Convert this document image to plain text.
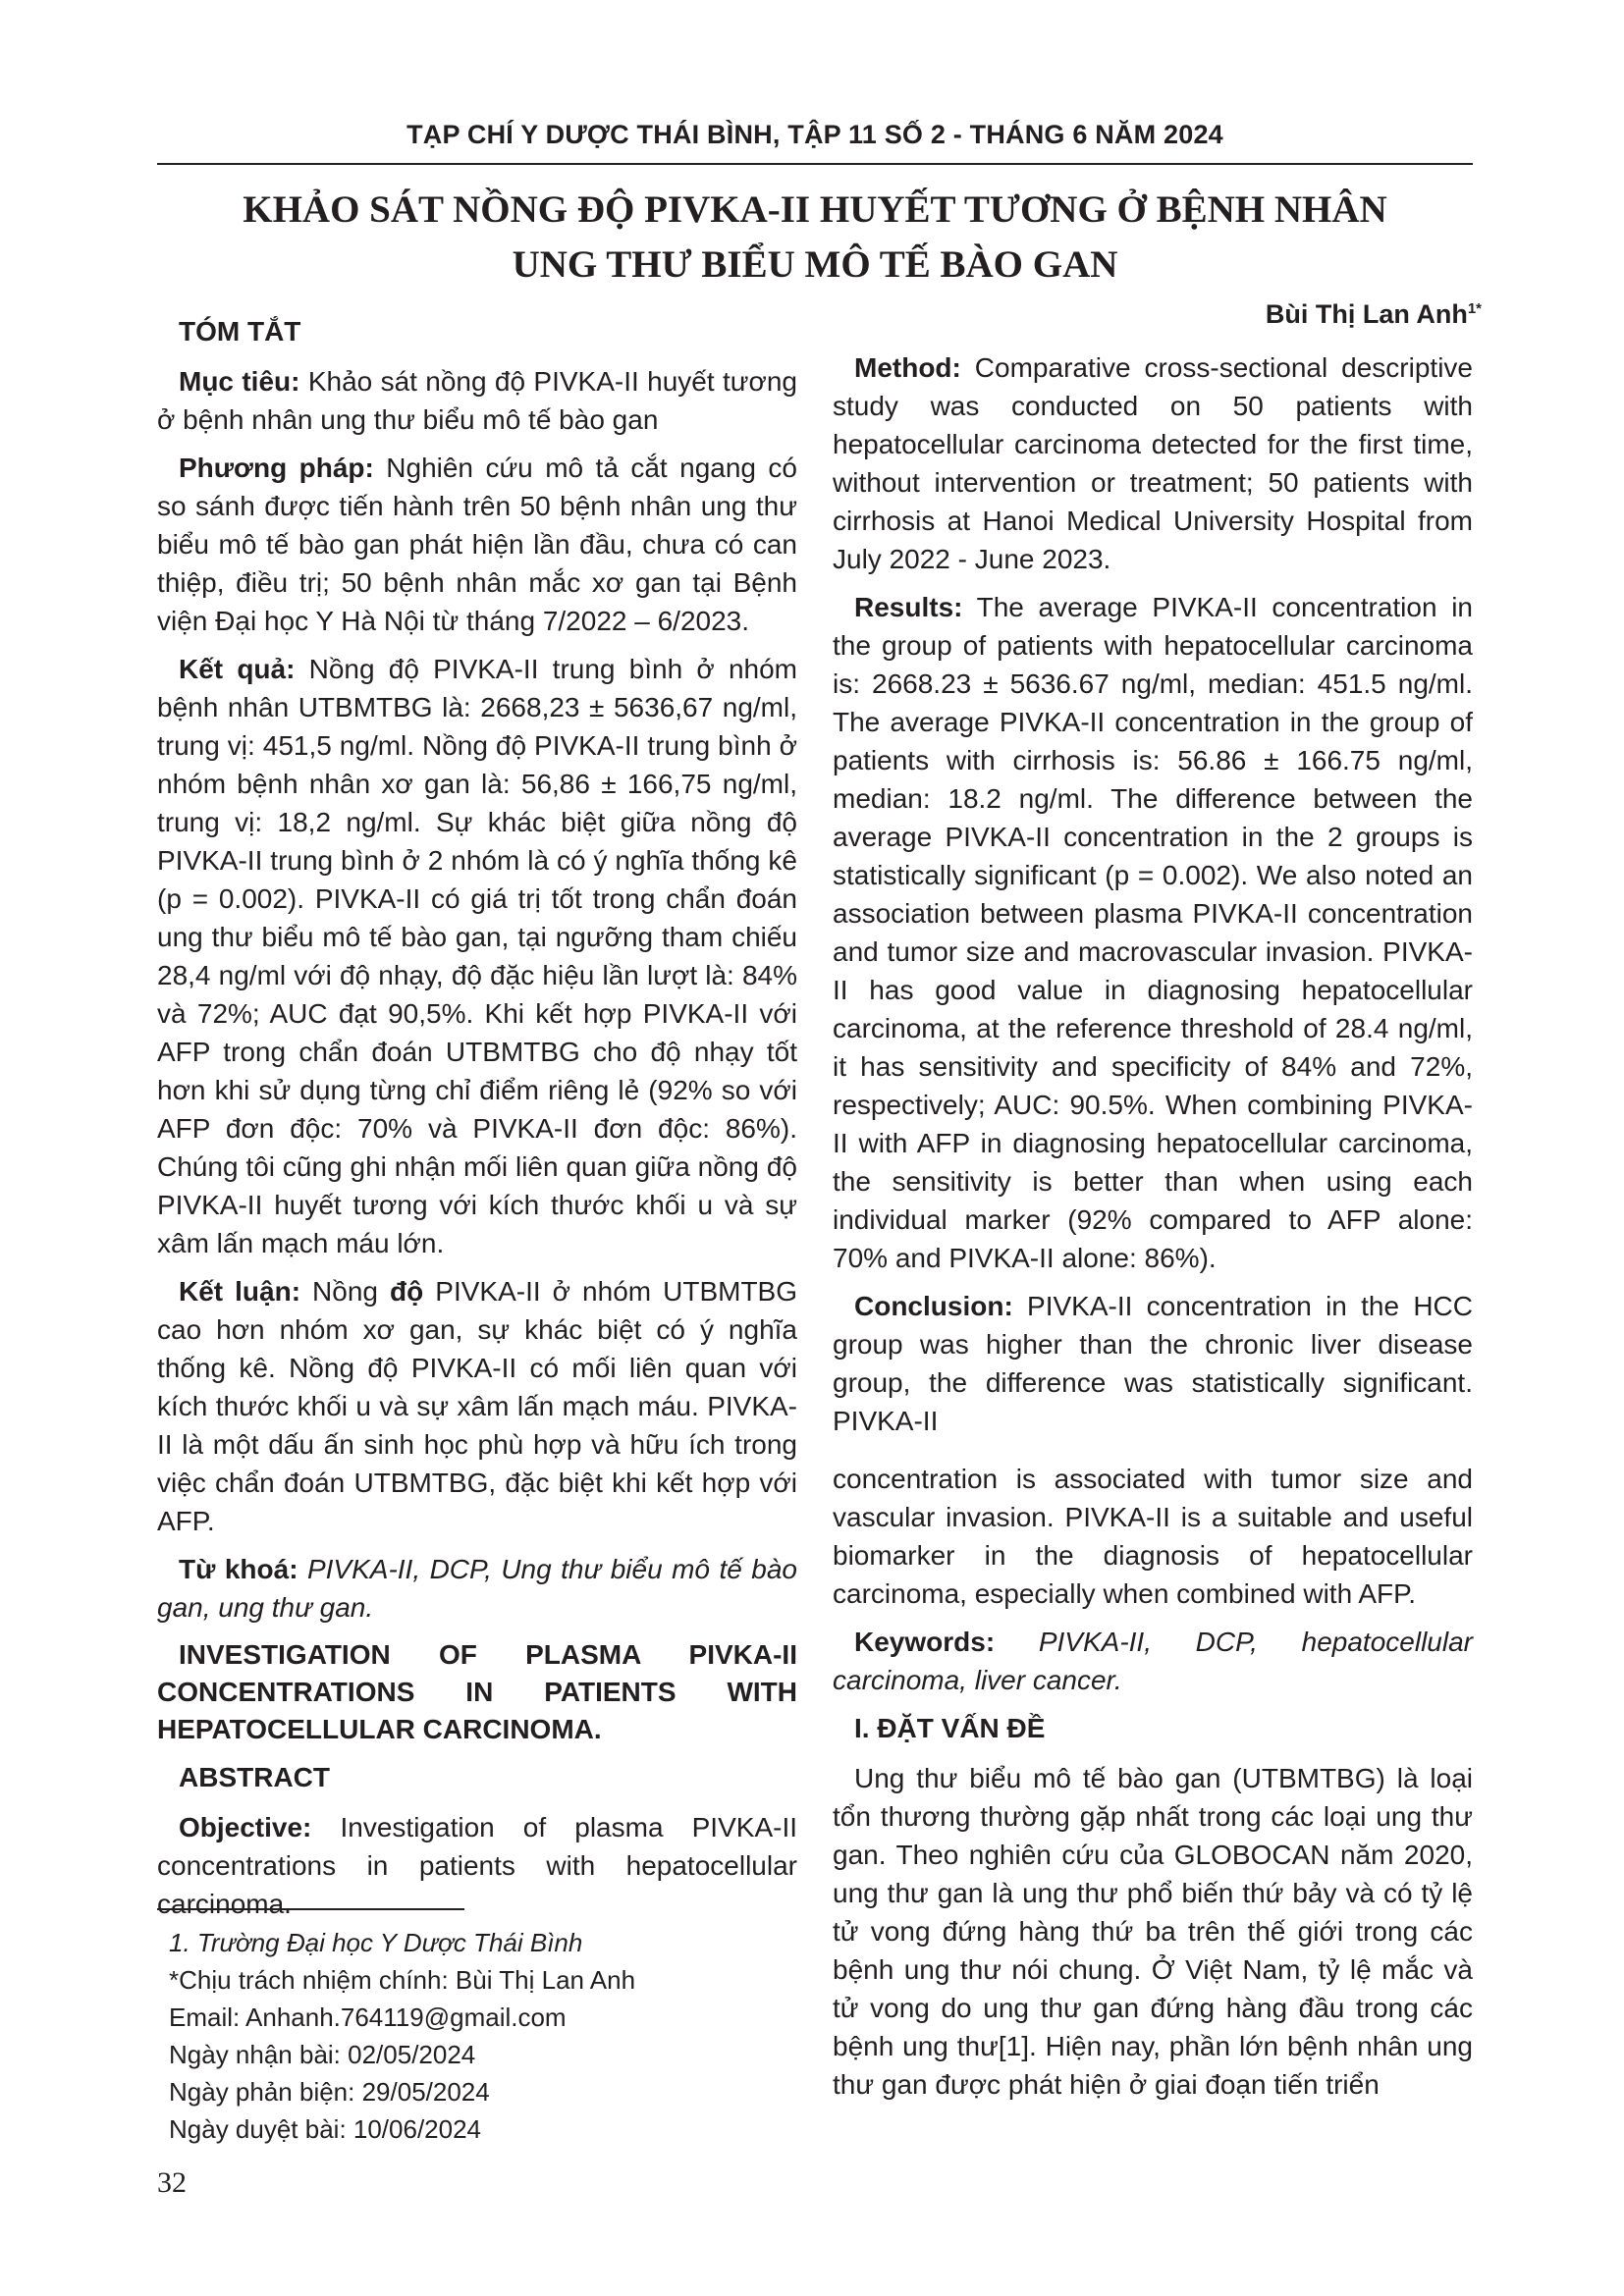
TẠP CHÍ Y DƯỢC THÁI BÌNH, TẬP 11 SỐ 2 - THÁNG 6 NĂM 2024
KHẢO SÁT NỒNG ĐỘ PIVKA-II HUYẾT TƯƠNG Ở BỆNH NHÂN
UNG THƯ BIỂU MÔ TẾ BÀO GAN
Bùi Thị Lan Anh$^{1*}$
TÓM TẮT

Mục tiêu: Khảo sát nồng độ PIVKA-II huyết tương ở bệnh nhân ung thư biểu mô tế bào gan

Phương pháp: Nghiên cứu mô tả cắt ngang có so sánh được tiến hành trên 50 bệnh nhân ung thư biểu mô tế bào gan phát hiện lần đầu, chưa có can thiệp, điều trị; 50 bệnh nhân mắc xơ gan tại Bệnh viện Đại học Y Hà Nội từ tháng 7/2022 – 6/2023.

Kết quả: Nồng độ PIVKA-II trung bình ở nhóm bệnh nhân UTBMTBG là: 2668,23 ± 5636,67 ng/ml, trung vị: 451,5 ng/ml. Nồng độ PIVKA-II trung bình ở nhóm bệnh nhân xơ gan là: 56,86 ± 166,75 ng/ml, trung vị: 18,2 ng/ml. Sự khác biệt giữa nồng độ PIVKA-II trung bình ở 2 nhóm là có ý nghĩa thống kê (p = 0.002). PIVKA-II có giá trị tốt trong chẩn đoán ung thư biểu mô tế bào gan, tại ngưỡng tham chiếu 28,4 ng/ml với độ nhạy, độ đặc hiệu lần lượt là: 84% và 72%; AUC đạt 90,5%. Khi kết hợp PIVKA-II với AFP trong chẩn đoán UTBMTBG cho độ nhạy tốt hơn khi sử dụng từng chỉ điểm riêng lẻ (92% so với AFP đơn độc: 70% và PIVKA-II đơn độc: 86%). Chúng tôi cũng ghi nhận mối liên quan giữa nồng độ PIVKA-II huyết tương với kích thước khối u và sự xâm lấn mạch máu lớn.

Kết luận: Nồng độ PIVKA-II ở nhóm UTBMTBG cao hơn nhóm xơ gan, sự khác biệt có ý nghĩa thống kê. Nồng độ PIVKA-II có mối liên quan với kích thước khối u và sự xâm lấn mạch máu. PIVKA-II là một dấu ấn sinh học phù hợp và hữu ích trong việc chẩn đoán UTBMTBG, đặc biệt khi kết hợp với AFP.

Từ khoá: PIVKA-II, DCP, Ung thư biểu mô tế bào gan, ung thư gan.

INVESTIGATION OF PLASMA PIVKA-II CONCENTRATIONS IN PATIENTS WITH HEPATOCELLULAR CARCINOMA.
ABSTRACT

Objective: Investigation of plasma PIVKA-II concentrations in patients with hepatocellular carcinoma.

Method: Comparative cross-sectional descriptive study was conducted on 50 patients with hepatocellular carcinoma detected for the first time, without intervention or treatment; 50 patients with cirrhosis at Hanoi Medical University Hospital from July 2022 - June 2023.

Results: The average PIVKA-II concentration in the group of patients with hepatocellular carcinoma is: 2668.23 ± 5636.67 ng/ml, median: 451.5 ng/ml. The average PIVKA-II concentration in the group of patients with cirrhosis is: 56.86 ± 166.75 ng/ml, median: 18.2 ng/ml. The difference between the average PIVKA-II concentration in the 2 groups is statistically significant (p = 0.002). We also noted an association between plasma PIVKA-II concentration and tumor size and macrovascular invasion. PIVKA-II has good value in diagnosing hepatocellular carcinoma, at the reference threshold of 28.4 ng/ml, it has sensitivity and specificity of 84% and 72%, respectively; AUC: 90.5%. When combining PIVKA-II with AFP in diagnosing hepatocellular carcinoma, the sensitivity is better than when using each individual marker (92% compared to AFP alone: 70% and PIVKA-II alone: 86%).

Conclusion: PIVKA-II concentration in the HCC group was higher than the chronic liver disease group, the difference was statistically significant. PIVKA-II

concentration is associated with tumor size and vascular invasion. PIVKA-II is a suitable and useful biomarker in the diagnosis of hepatocellular carcinoma, especially when combined with AFP.

Keywords: PIVKA-II, DCP, hepatocellular carcinoma, liver cancer.

I. ĐẶT VẤN ĐỀ

Ung thư biểu mô tế bào gan (UTBMTBG) là loại tổn thương thường gặp nhất trong các loại ung thư gan. Theo nghiên cứu của GLOBOCAN năm 2020, ung thư gan là ung thư phổ biến thứ bảy và có tỷ lệ tử vong đứng hàng thứ ba trên thế giới trong các bệnh ung thư nói chung. Ở Việt Nam, tỷ lệ mắc và tử vong do ung thư gan đứng hàng đầu trong các bệnh ung thư[1]. Hiện nay, phần lớn bệnh nhân ung thư gan được phát hiện ở giai đoạn tiến triển

1. Trường Đại học Y Dược Thái Bình
*Chịu trách nhiệm chính: Bùi Thị Lan Anh
Email: Anhanh.764119@gmail.com
Ngày nhận bài: 02/05/2024
Ngày phản biện: 29/05/2024
Ngày duyệt bài: 10/06/2024
32
